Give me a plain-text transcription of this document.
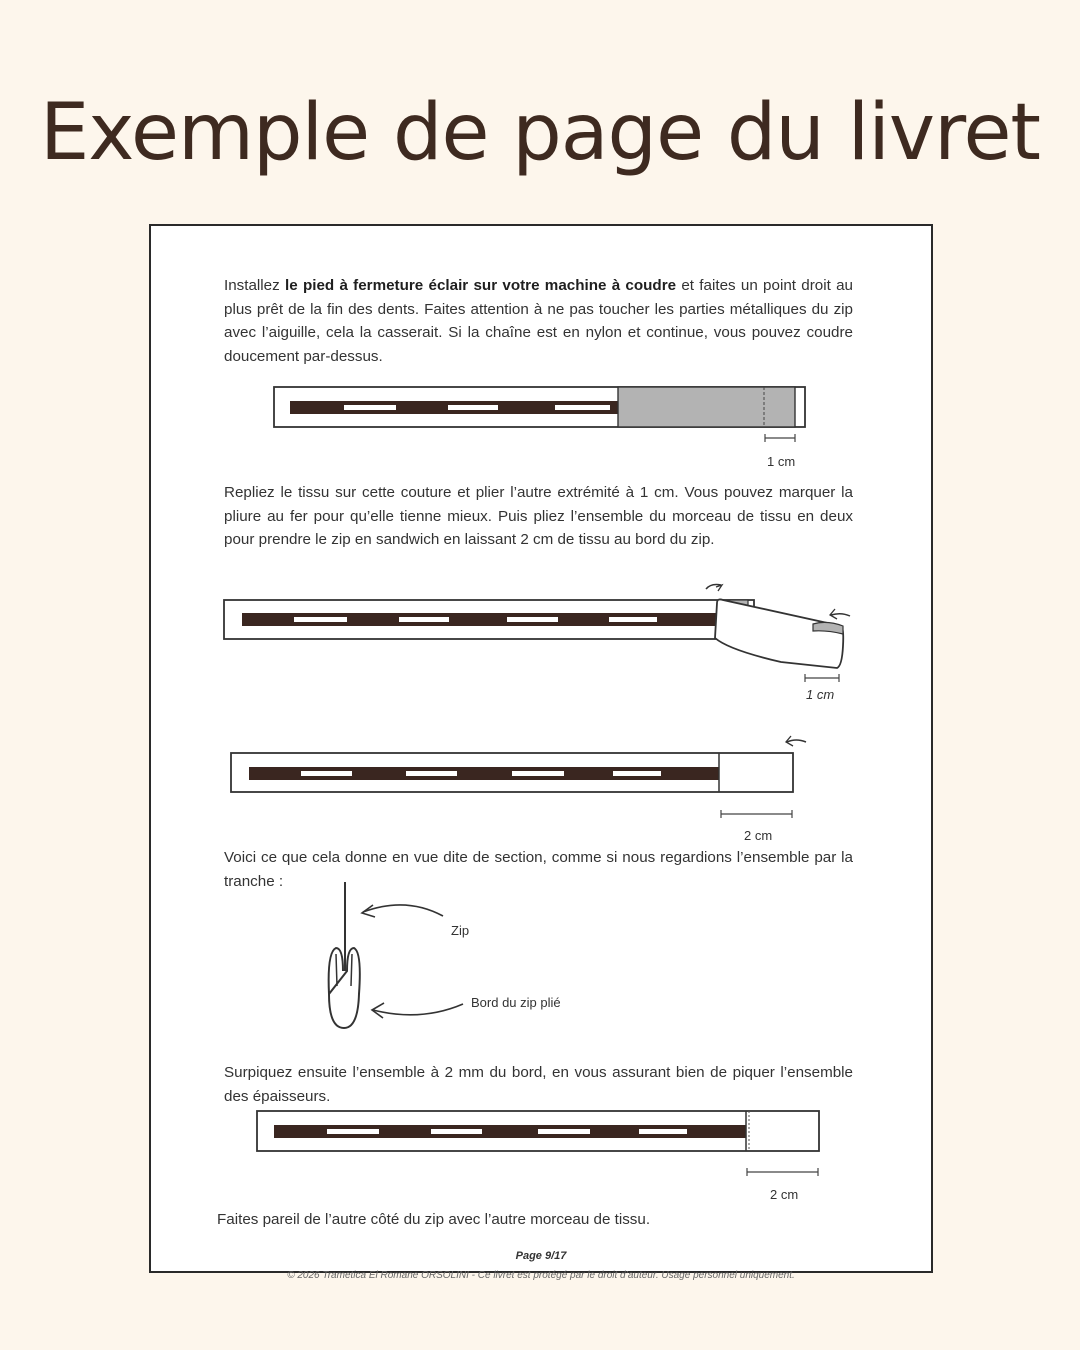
Exemple de page du livret

Installez le pied à fermeture éclair sur votre machine à coudre et faites un point droit au plus prêt de la fin des dents. Faites attention à ne pas toucher les parties métalliques du zip avec l’aiguille, cela la casserait. Si la chaîne est en nylon et continue, vous pouvez coudre doucement par-dessus.

1 cm

Repliez le tissu sur cette couture et plier l’autre extrémité à 1 cm. Vous pouvez marquer la pliure au fer pour qu’elle tienne mieux. Puis pliez l’ensemble du morceau de tissu en deux pour prendre le zip en sandwich en laissant 2 cm de tissu au bord du zip.

1 cm

2 cm

Voici ce que cela donne en vue dite de section, comme si nous regardions l’ensemble par la tranche :

Zip

Bord du zip plié

Surpiquez ensuite l’ensemble à 2 mm du bord, en vous assurant bien de piquer l’ensemble des épaisseurs.

2 cm

Faites pareil de l’autre côté du zip avec l’autre morceau de tissu.

Page 9/17

© 2026 Trametica El Romane ORSOLINI - Ce livret est protégé par le droit d’auteur. Usage personnel uniquement.
